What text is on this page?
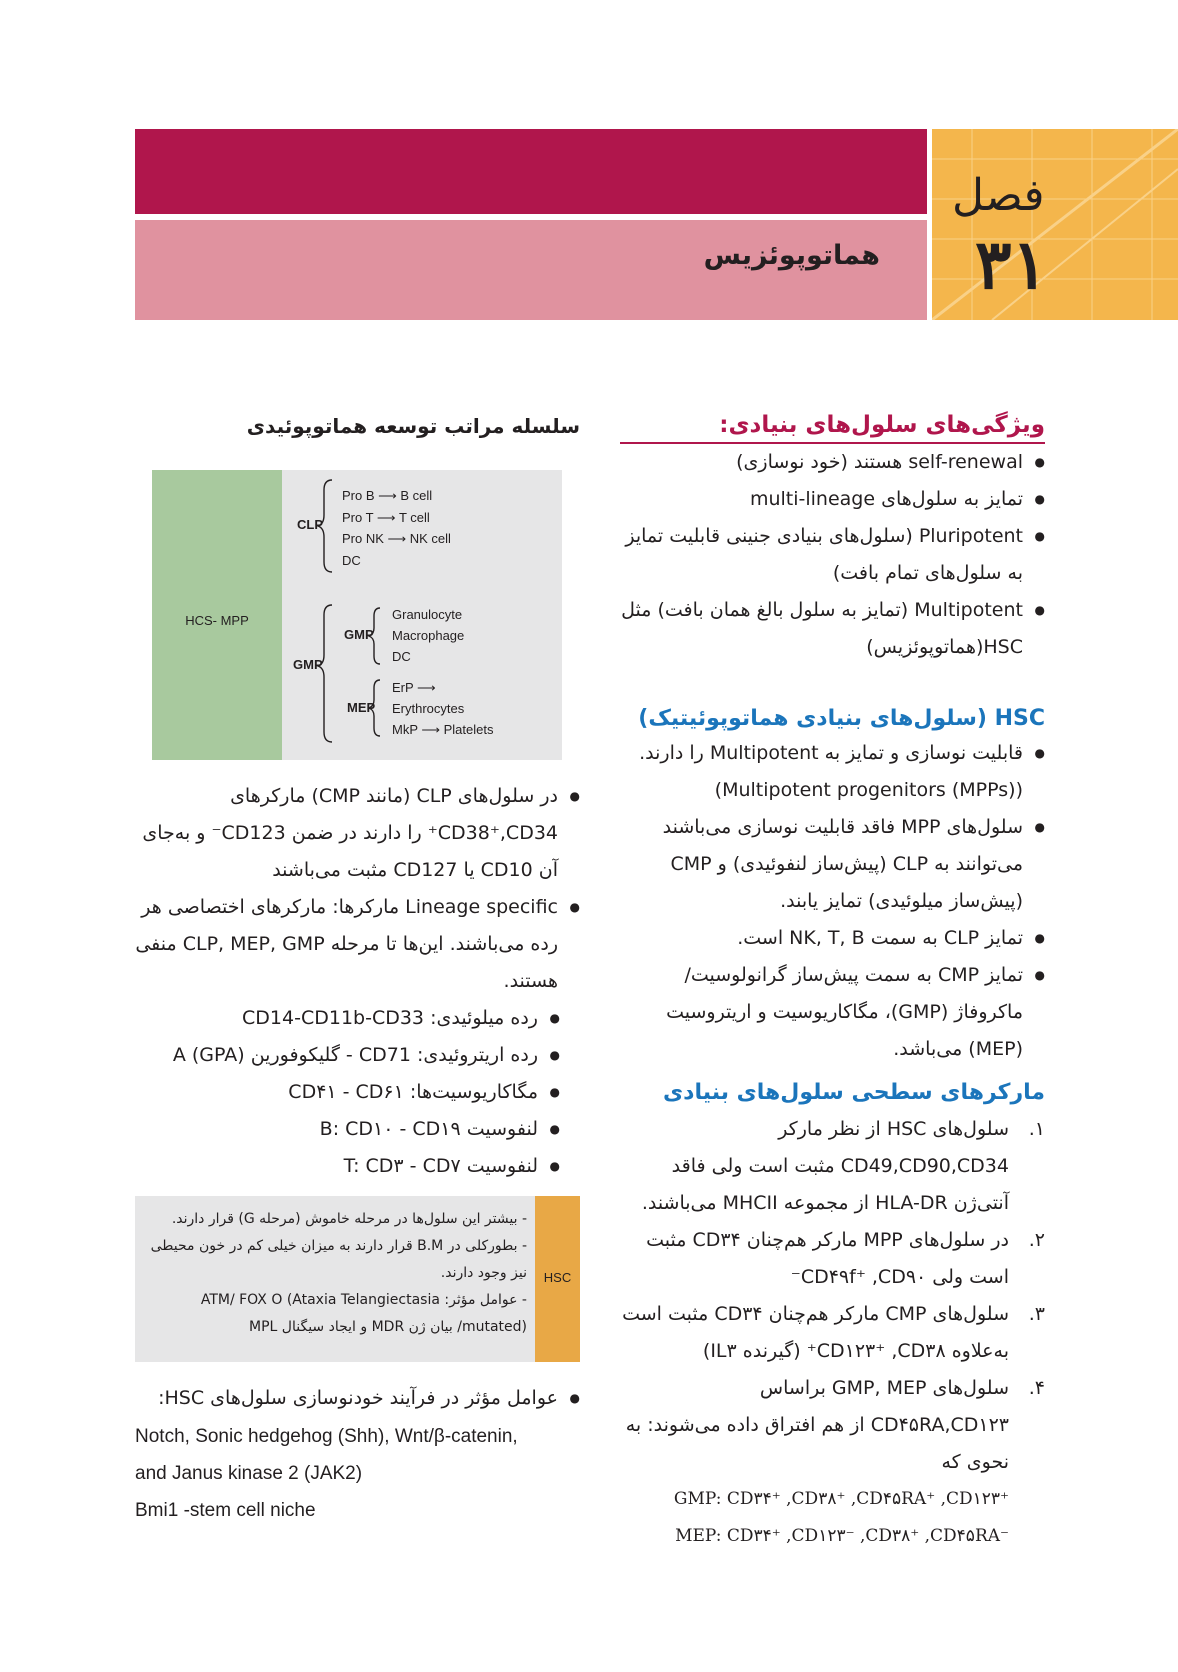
هماتوپوئزیس
فصل
۳۱
ویژگی‌های سلول‌های بنیادی:
● self-renewal هستند (خود نوسازی)
● تمایز به سلول‌های multi-lineage
● Pluripotent (سلول‌های بنیادی جنینی قابلیت تمایز به سلول‌های تمام بافت)
● Multipotent (تمایز به سلول بالغ همان بافت) مثل HSC(هماتوپوئزیس)
HSC (سلول‌های بنیادی هماتوپوئیتیک)
● قابلیت نوسازی و تمایز به Multipotent را دارند. (Multipotent progenitors (MPPs))
● سلول‌های MPP فاقد قابلیت نوسازی می‌باشند می‌توانند به CLP (پیش‌ساز لنفوئیدی) و CMP (پیش‌ساز میلوئیدی) تمایز یابند.
● تمایز CLP به سمت NK, T, B است.
● تمایز CMP به سمت پیش‌ساز گرانولوسیت/ ماکروفاژ (GMP)، مگاکاریوسیت و اریتروسیت (MEP) می‌باشد.
مارکرهای سطحی سلول‌های بنیادی
۱.
سلول‌های HSC از نظر مارکر CD49,CD90,CD34 مثبت است ولی فاقد آنتی‌ژن HLA-DR از مجموعه MHCII می‌باشند.
۲.
در سلول‌های MPP مارکر هم‌چنان CD۳۴ مثبت است ولی CD۴۹f⁺ ,CD۹۰⁻
۳.
سلول‌های CMP مارکر هم‌چنان CD۳۴ مثبت است به‌علاوه CD۱۲۳⁺ ,CD۳۸⁺ (گیرنده IL۳)
۴.
سلول‌های GMP, MEP براساس CD۴۵RA,CD۱۲۳ از هم افتراق داده می‌شوند: به نحوی که
GMP: CD۳۴⁺ ,CD۳۸⁺ ,CD۴۵RA⁺ ,CD۱۲۳⁺
MEP: CD۳۴⁺ ,CD۱۲۳⁻ ,CD۳۸⁺ ,CD۴۵RA⁻
سلسله مراتب توسعه هماتوپوئیدی
HCS- MPP
CLP
Pro B ⟶ B cell
Pro T ⟶ T cell
Pro NK ⟶ NK cell
DC
GMP
GMP
Granulocyte
Macrophage
DC
MEP
ErP ⟶
Erythrocytes
MkP ⟶ Platelets
● در سلول‌های CLP (مانند CMP) مارکرهای CD38⁺,CD34⁺ را دارند در ضمن CD123⁻ و به‌جای آن CD10 یا CD127 مثبت می‌باشند
● Lineage specific مارکرها: مارکرهای اختصاصی هر رده می‌باشند. این‌ها تا مرحله CLP, MEP, GMP منفی هستند.
● رده میلوئیدی: CD14-CD11b-CD33
● رده اریتروئیدی: CD71 - گلیکوفورین A (GPA)
● مگاکاریوسیت‌ها: CD۴۱ - CD۶۱
● لنفوسیت B: CD۱۰ - CD۱۹
● لنفوسیت T: CD۳ - CD۷
HSC
- بیشتر این سلول‌ها در مرحله خاموش (مرحله G) قرار دارند.
- بطورکلی در B.M قرار دارند به میزان خیلی کم در خون محیطی نیز وجود دارند.
- عوامل مؤثر: ATM/ FOX O (Ataxia Telangiectasia mutated)/ بیان ژن MDR و ایجاد سیگنال MPL
● عوامل مؤثر در فرآیند خودنوسازی سلول‌های HSC:
Notch, Sonic hedgehog (Shh), Wnt/β-catenin,
and Janus kinase 2 (JAK2)
Bmi1 -stem cell niche
